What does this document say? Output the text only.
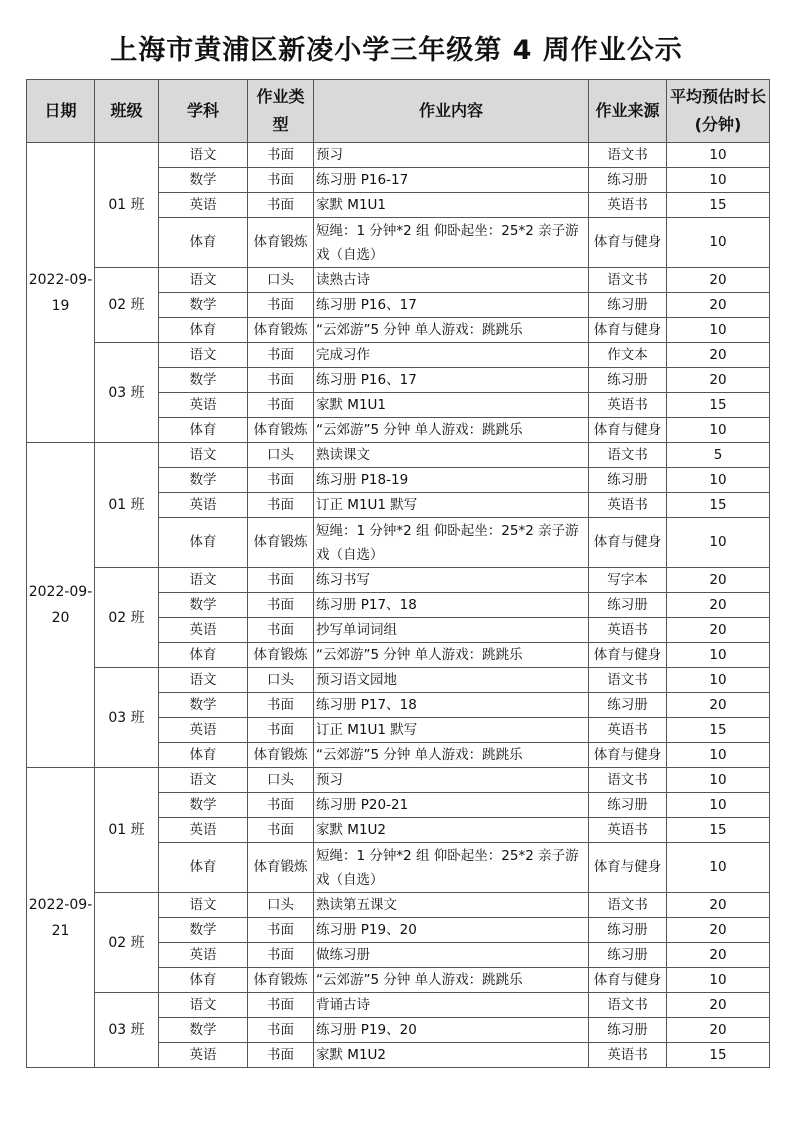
上海市黄浦区新凌小学三年级第 4 周作业公示
日期	班级	学科	作业类型	作业内容	作业来源	平均预估时长(分钟)
2022-09-19	01 班	语文	书面	预习	语文书	10
		数学	书面	练习册 P16-17	练习册	10
		英语	书面	家默 M1U1	英语书	15
		体育	体育锻炼	短绳：1 分钟*2 组 仰卧起坐：25*2 亲子游戏（自选）	体育与健身	10
	02 班	语文	口头	读熟古诗	语文书	20
		数学	书面	练习册 P16、17	练习册	20
		体育	体育锻炼	“云郊游”5 分钟 单人游戏：跳跳乐	体育与健身	10
	03 班	语文	书面	完成习作	作文本	20
		数学	书面	练习册 P16、17	练习册	20
		英语	书面	家默 M1U1	英语书	15
		体育	体育锻炼	“云郊游”5 分钟 单人游戏：跳跳乐	体育与健身	10
2022-09-20	01 班	语文	口头	熟读课文	语文书	5
		数学	书面	练习册 P18-19	练习册	10
		英语	书面	订正 M1U1 默写	英语书	15
		体育	体育锻炼	短绳：1 分钟*2 组 仰卧起坐：25*2 亲子游戏（自选）	体育与健身	10
	02 班	语文	书面	练习书写	写字本	20
		数学	书面	练习册 P17、18	练习册	20
		英语	书面	抄写单词词组	英语书	20
		体育	体育锻炼	“云郊游”5 分钟 单人游戏：跳跳乐	体育与健身	10
	03 班	语文	口头	预习语文园地	语文书	10
		数学	书面	练习册 P17、18	练习册	20
		英语	书面	订正 M1U1 默写	英语书	15
		体育	体育锻炼	“云郊游”5 分钟 单人游戏：跳跳乐	体育与健身	10
2022-09-21	01 班	语文	口头	预习	语文书	10
		数学	书面	练习册 P20-21	练习册	10
		英语	书面	家默 M1U2	英语书	15
		体育	体育锻炼	短绳：1 分钟*2 组 仰卧起坐：25*2 亲子游戏（自选）	体育与健身	10
	02 班	语文	口头	熟读第五课文	语文书	20
		数学	书面	练习册 P19、20	练习册	20
		英语	书面	做练习册	练习册	20
		体育	体育锻炼	“云郊游”5 分钟 单人游戏：跳跳乐	体育与健身	10
	03 班	语文	书面	背诵古诗	语文书	20
		数学	书面	练习册 P19、20	练习册	20
		英语	书面	家默 M1U2	英语书	15
